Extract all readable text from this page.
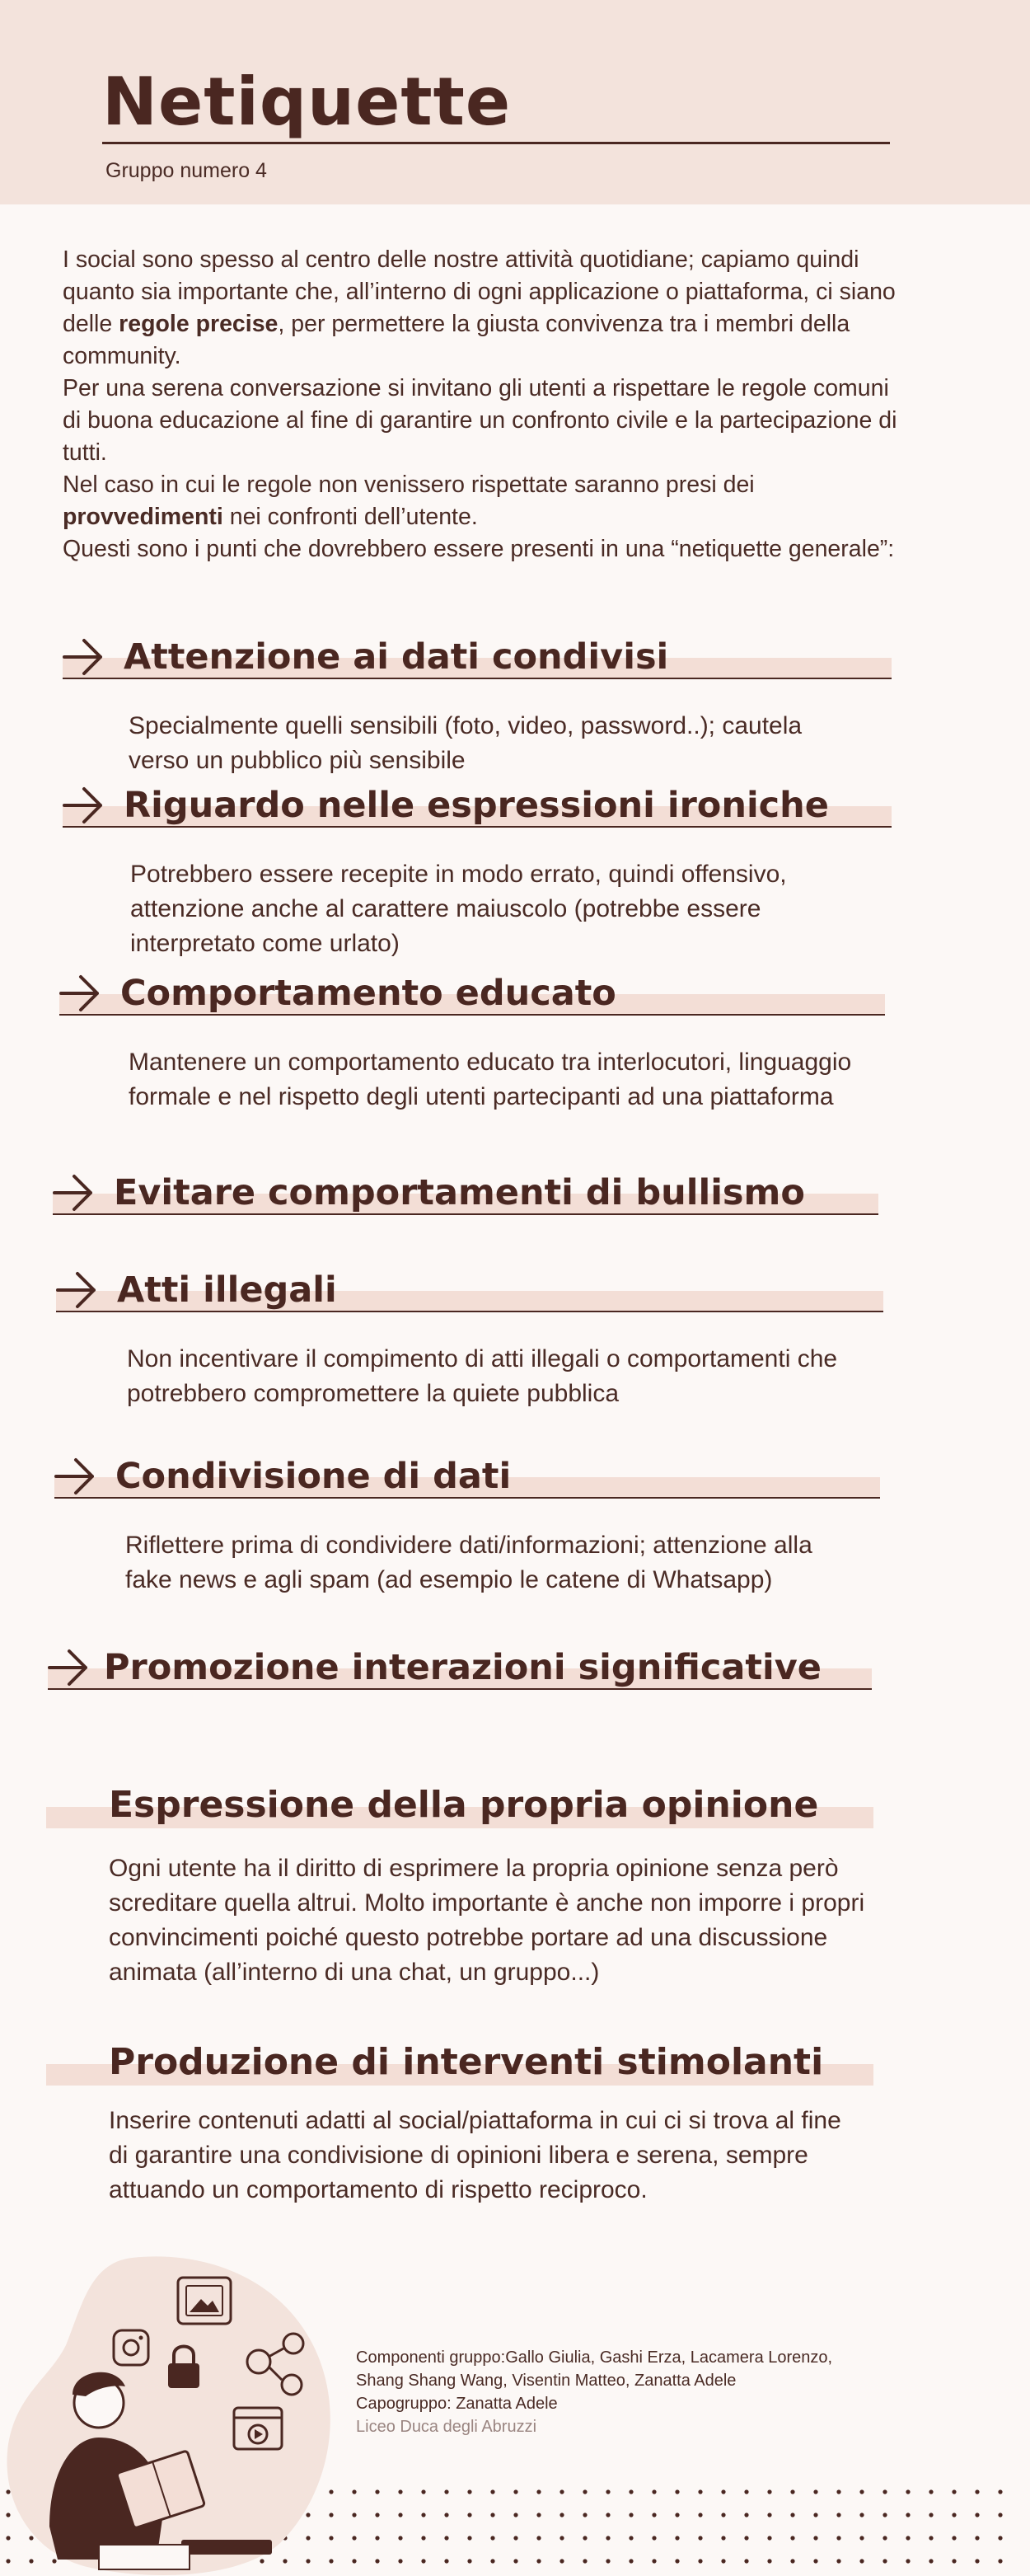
Netiquette
Gruppo numero 4

I social sono spesso al centro delle nostre attività quotidiane; capiamo quindi quanto sia importante che, all’interno di ogni applicazione o piattaforma, ci siano delle regole precise, per permettere la giusta convivenza tra i membri della community.

Per una serena conversazione si invitano gli utenti a rispettare le regole comuni di buona educazione al fine di garantire un confronto civile e la partecipazione di tutti.

Nel caso in cui le regole non venissero rispettate saranno presi dei provvedimenti nei confronti dell’utente.

Questi sono i punti che dovrebbero essere presenti in una “netiquette generale”:

Attenzione ai dati condivisi

Specialmente quelli sensibili (foto, video, password..); cautela verso un pubblico più sensibile

Riguardo nelle espressioni ironiche

Potrebbero essere recepite in modo errato, quindi offensivo, attenzione anche al carattere maiuscolo (potrebbe essere interpretato come urlato)

Comportamento educato

Mantenere un comportamento educato tra interlocutori, linguaggio formale e nel rispetto degli utenti partecipanti ad una piattaforma

Evitare comportamenti di bullismo
Atti illegali

Non incentivare il compimento di atti illegali o comportamenti che potrebbero compromettere la quiete pubblica

Condivisione di dati

Riflettere prima di condividere dati/informazioni; attenzione alla fake news e agli spam (ad esempio le catene di Whatsapp)

Promozione interazioni significative
Espressione della propria opinione

Ogni utente ha il diritto di esprimere la propria opinione senza però screditare quella altrui. Molto importante è anche non imporre i propri convincimenti poiché questo potrebbe portare ad una discussione animata (all’interno di una chat, un gruppo...)

Produzione di interventi stimolanti

Inserire contenuti adatti al social/piattaforma in cui ci si trova al fine di garantire una condivisione di opinioni libera e serena, sempre attuando un comportamento di rispetto reciproco.

Componenti gruppo:Gallo Giulia, Gashi Erza, Lacamera Lorenzo,
Shang Shang Wang, Visentin Matteo, Zanatta Adele
Capogruppo: Zanatta Adele
Liceo Duca degli Abruzzi
